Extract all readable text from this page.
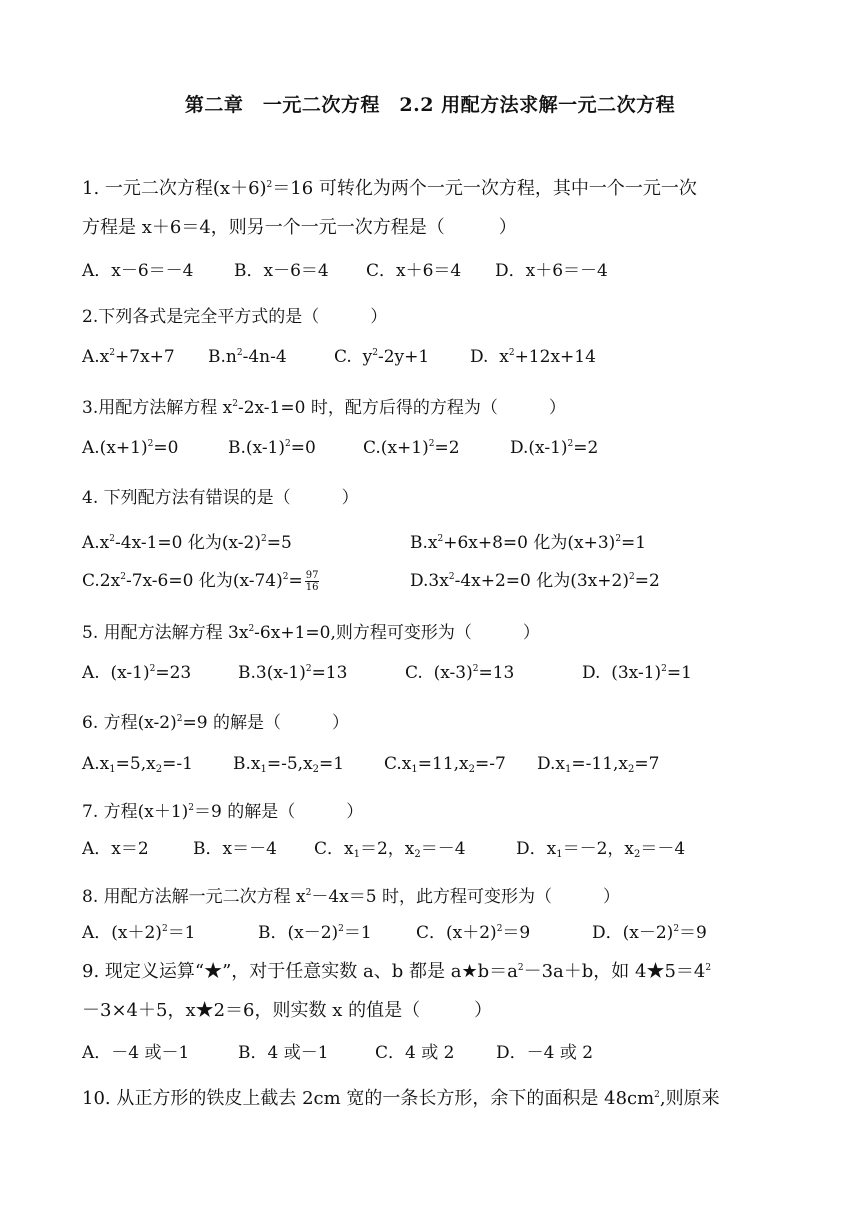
第二章　一元二次方程　2.2 用配方法求解一元二次方程
1. 一元二次方程$(x+6)^2=16$ 可转化为两个一元一次方程，其中一个一元一次
方程是 x＋6＝4，则另一个一元一次方程是（　　　）
A．x－6＝－4 B．x－6＝4 C．x＋6＝4 D．x＋6＝－4
2.下列各式是完全平方式的是（　　　）
$A.x^2+7x+7$ $B.n^2-4n-4$	C.  $y^2-2y+1$ D.  $x^2+12x+14$
3.用配方法解方程 $x^2-2x-1=0$ 时，配方后得的方程为（　　　）
$A.(x+1)^2=0$	$B.(x-1)^2=0$	$C.(x+1)^2=2$	$D.(x-1)^2=2$
4. 下列配方法有错误的是（　　　）
$A.x^2-4x-1=0$ 化为$(x-2)^2=5$	$B.x^2+6x+8=0$ 化为$(x+3)^2=1$
$C.2x^2-7x-6=0$ 化为$(x-74)^2= \frac{97}{16}$	$D.3x^2-4x+2=0$ 化为$(3x+2)^2=2$
5. 用配方法解方程 $3x^2-6x+1=0$,则方程可变形为（　　　）
A.  $(x-1)^2=23$	$B.3(x-1)^2=13$	C.  $(x-3)^2=13$	D.  $(3x-1)^2=1$
6. 方程$(x-2)^2=9$ 的解是（　　　）
$A.x_1=5,x_2=-1$ $B.x_1=-5,x_2=1$ $C.x_1=11,x_2=-7$ $D.x_1=-11,x_2=7$
7. 方程$(x+1)^2=9$ 的解是（　　　）
A．x＝2	B．x＝－4 C．$x_1=2$，$x_2=-4$	D．$x_1=-2$，$x_2=-4$
8. 用配方法解一元二次方程 $x^2-4x=5$ 时，此方程可变形为（　　　）
A．$(x+2)^2=1$	B．$(x-2)^2=1$	C．$(x+2)^2=9$	D．$(x-2)^2=9$
9. 现定义运算“★”，对于任意实数 a、b 都是 $a★b=a^2-3a+b$，如 $4★5=4^2$
－3×4＋5，x★2＝6，则实数 x 的值是（　　　）
A．－4 或－1	B．4 或－1	C．4 或 2 D．－4 或 2
10. 从正方形的铁皮上截去 2cm 宽的一条长方形，余下的面积是 $48cm^2$,则原来
